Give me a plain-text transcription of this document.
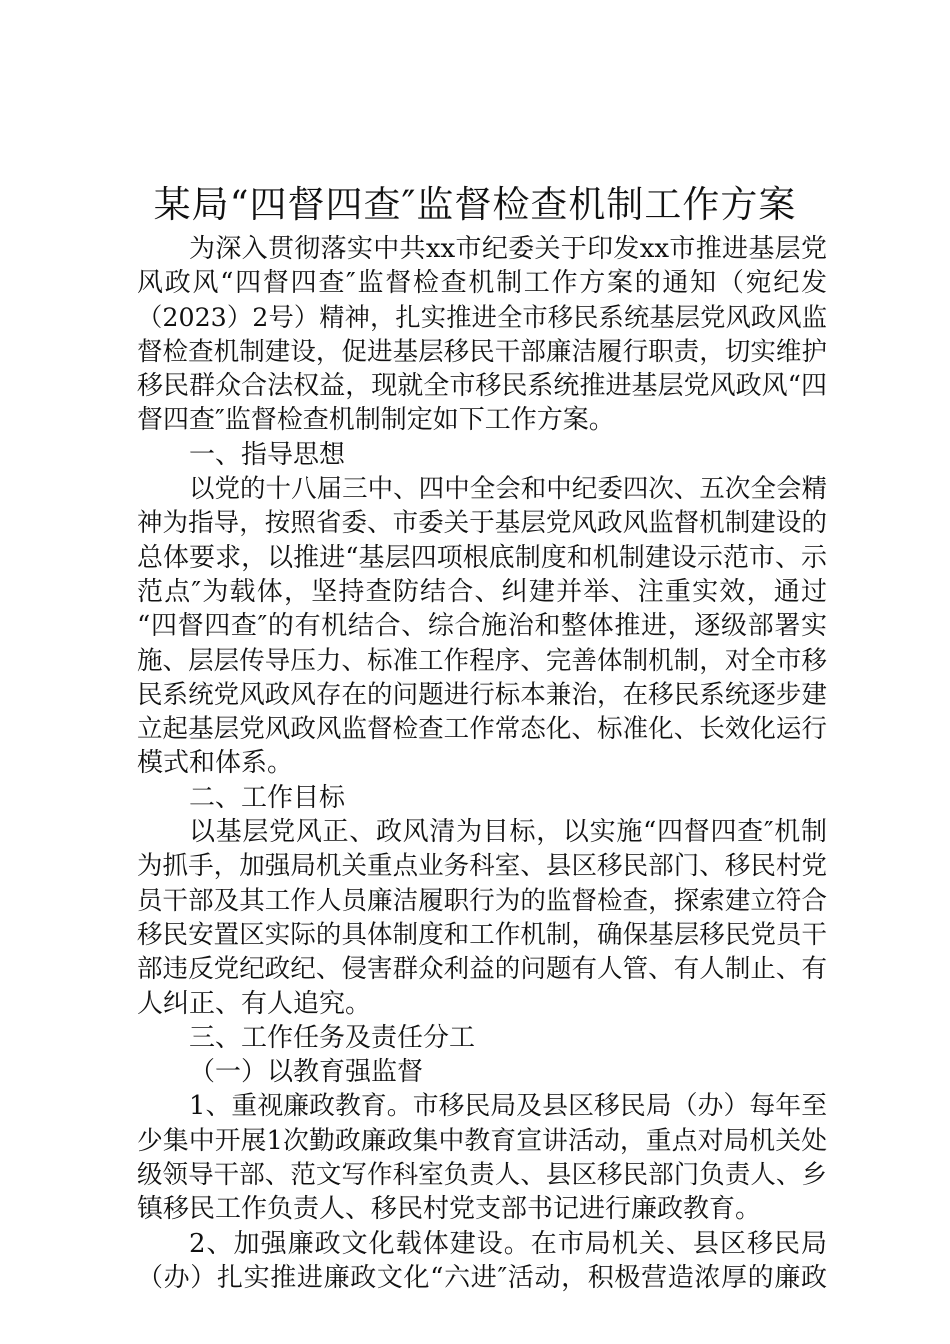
某局“四督四查″监督检查机制工作方案
为深入贯彻落实中共xx市纪委关于印发xx市推进基层党
风政风“四督四查″监督检查机制工作方案的通知（宛纪发
（2023）2号）精神，扎实推进全市移民系统基层党风政风监
督检查机制建设，促进基层移民干部廉洁履行职责，切实维护
移民群众合法权益，现就全市移民系统推进基层党风政风“四
督四查″监督检查机制制定如下工作方案。
一、指导思想
以党的十八届三中、四中全会和中纪委四次、五次全会精
神为指导，按照省委、市委关于基层党风政风监督机制建设的
总体要求，以推进“基层四项根底制度和机制建设示范市、示
范点″为载体，坚持查防结合、纠建并举、注重实效，通过
“四督四查″的有机结合、综合施治和整体推进，逐级部署实
施、层层传导压力、标准工作程序、完善体制机制，对全市移
民系统党风政风存在的问题进行标本兼治，在移民系统逐步建
立起基层党风政风监督检查工作常态化、标准化、长效化运行
模式和体系。
二、工作目标
以基层党风正、政风清为目标，以实施“四督四查″机制
为抓手，加强局机关重点业务科室、县区移民部门、移民村党
员干部及其工作人员廉洁履职行为的监督检查，探索建立符合
移民安置区实际的具体制度和工作机制，确保基层移民党员干
部违反党纪政纪、侵害群众利益的问题有人管、有人制止、有
人纠正、有人追究。
三、工作任务及责任分工
（一）以教育强监督
1、重视廉政教育。市移民局及县区移民局（办）每年至
少集中开展1次勤政廉政集中教育宣讲活动，重点对局机关处
级领导干部、范文写作科室负责人、县区移民部门负责人、乡
镇移民工作负责人、移民村党支部书记进行廉政教育。
2、加强廉政文化载体建设。在市局机关、县区移民局
（办）扎实推进廉政文化“六进″活动，积极营造浓厚的廉政
